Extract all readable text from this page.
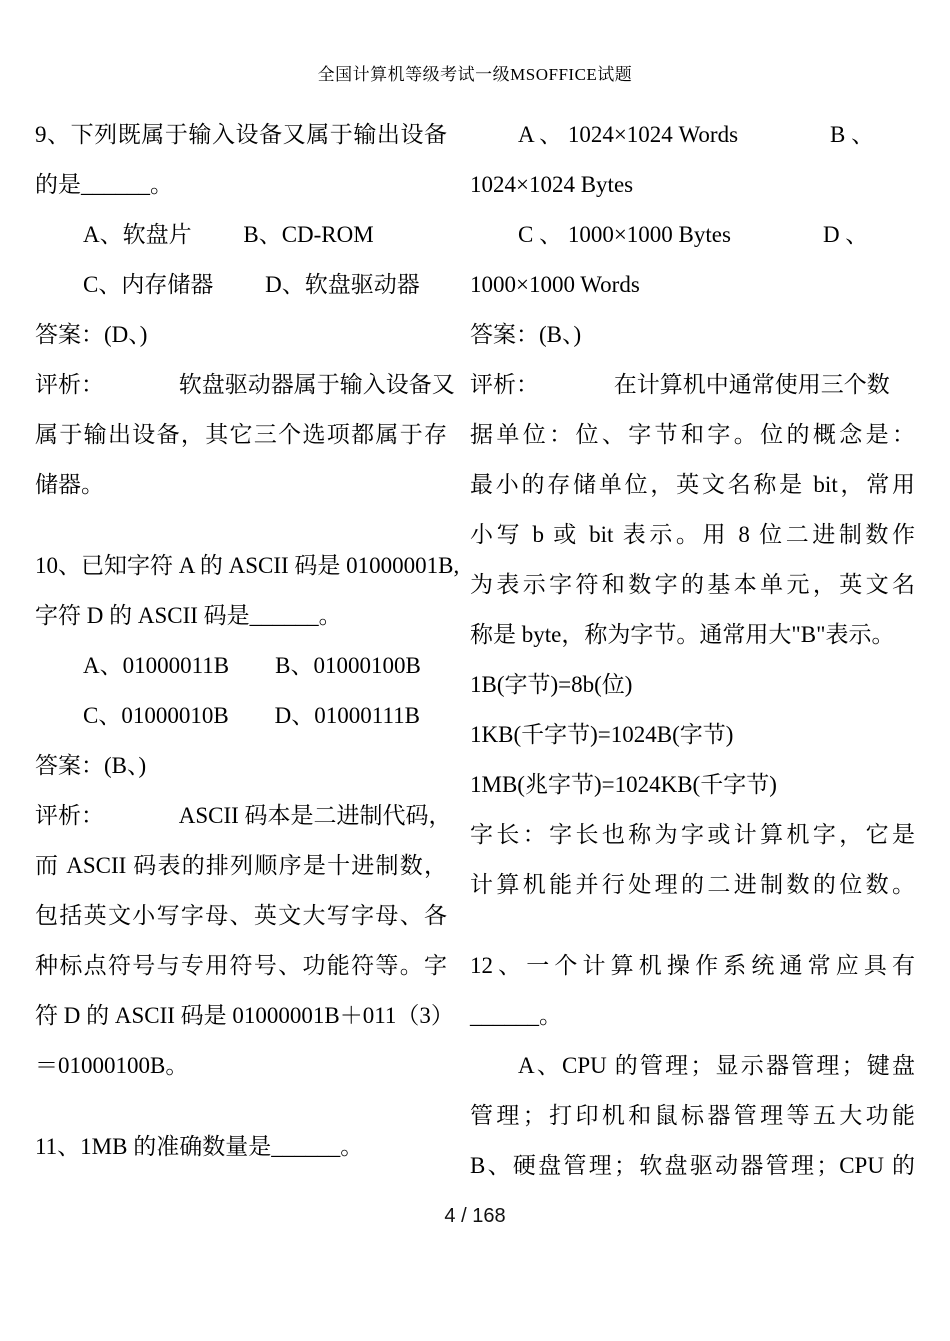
全国计算机等级考试一级MSOFFICE试题
9、下列既属于输入设备又属于输出设备
的是______。
A、软盘片         B、CD-ROM
C、内存储器         D、软盘驱动器
答案：(D、)
评析：             软盘驱动器属于输入设备又
属于输出设备，其它三个选项都属于存
储器。
10、已知字符 A 的 ASCII 码是 01000001B,
字符 D 的 ASCII 码是______。
A、01000011B        B、01000100B
C、01000010B        D、01000111B
答案：(B、)
评析：             ASCII 码本是二进制代码，
而 ASCII 码表的排列顺序是十进制数，
包括英文小写字母、英文大写字母、各
种标点符号与专用符号、功能符等。字
符 D 的 ASCII 码是 01000001B＋011（3）
＝01000100B。
11、1MB 的准确数量是______。
A 、 1024×1024 Words                B 、
1024×1024 Bytes
C 、 1000×1000 Bytes                D 、
1000×1000 Words
答案：(B、)
评析：             在计算机中通常使用三个数
据单位：位、字节和字。位的概念是：
最小的存储单位，英文名称是 bit，常用
小写 b 或 bit 表示。用 8 位二进制数作
为表示字符和数字的基本单元，英文名
称是 byte，称为字节。通常用大"B"表示。
1B(字节)=8b(位)
1KB(千字节)=1024B(字节)
1MB(兆字节)=1024KB(千字节)
字长：字长也称为字或计算机字，它是
计算机能并行处理的二进制数的位数。
12、一个计算机操作系统通常应具有
______。
A、CPU 的管理；显示器管理；键盘
管理；打印机和鼠标器管理等五大功能
B、硬盘管理；软盘驱动器管理；CPU 的
4 / 168
